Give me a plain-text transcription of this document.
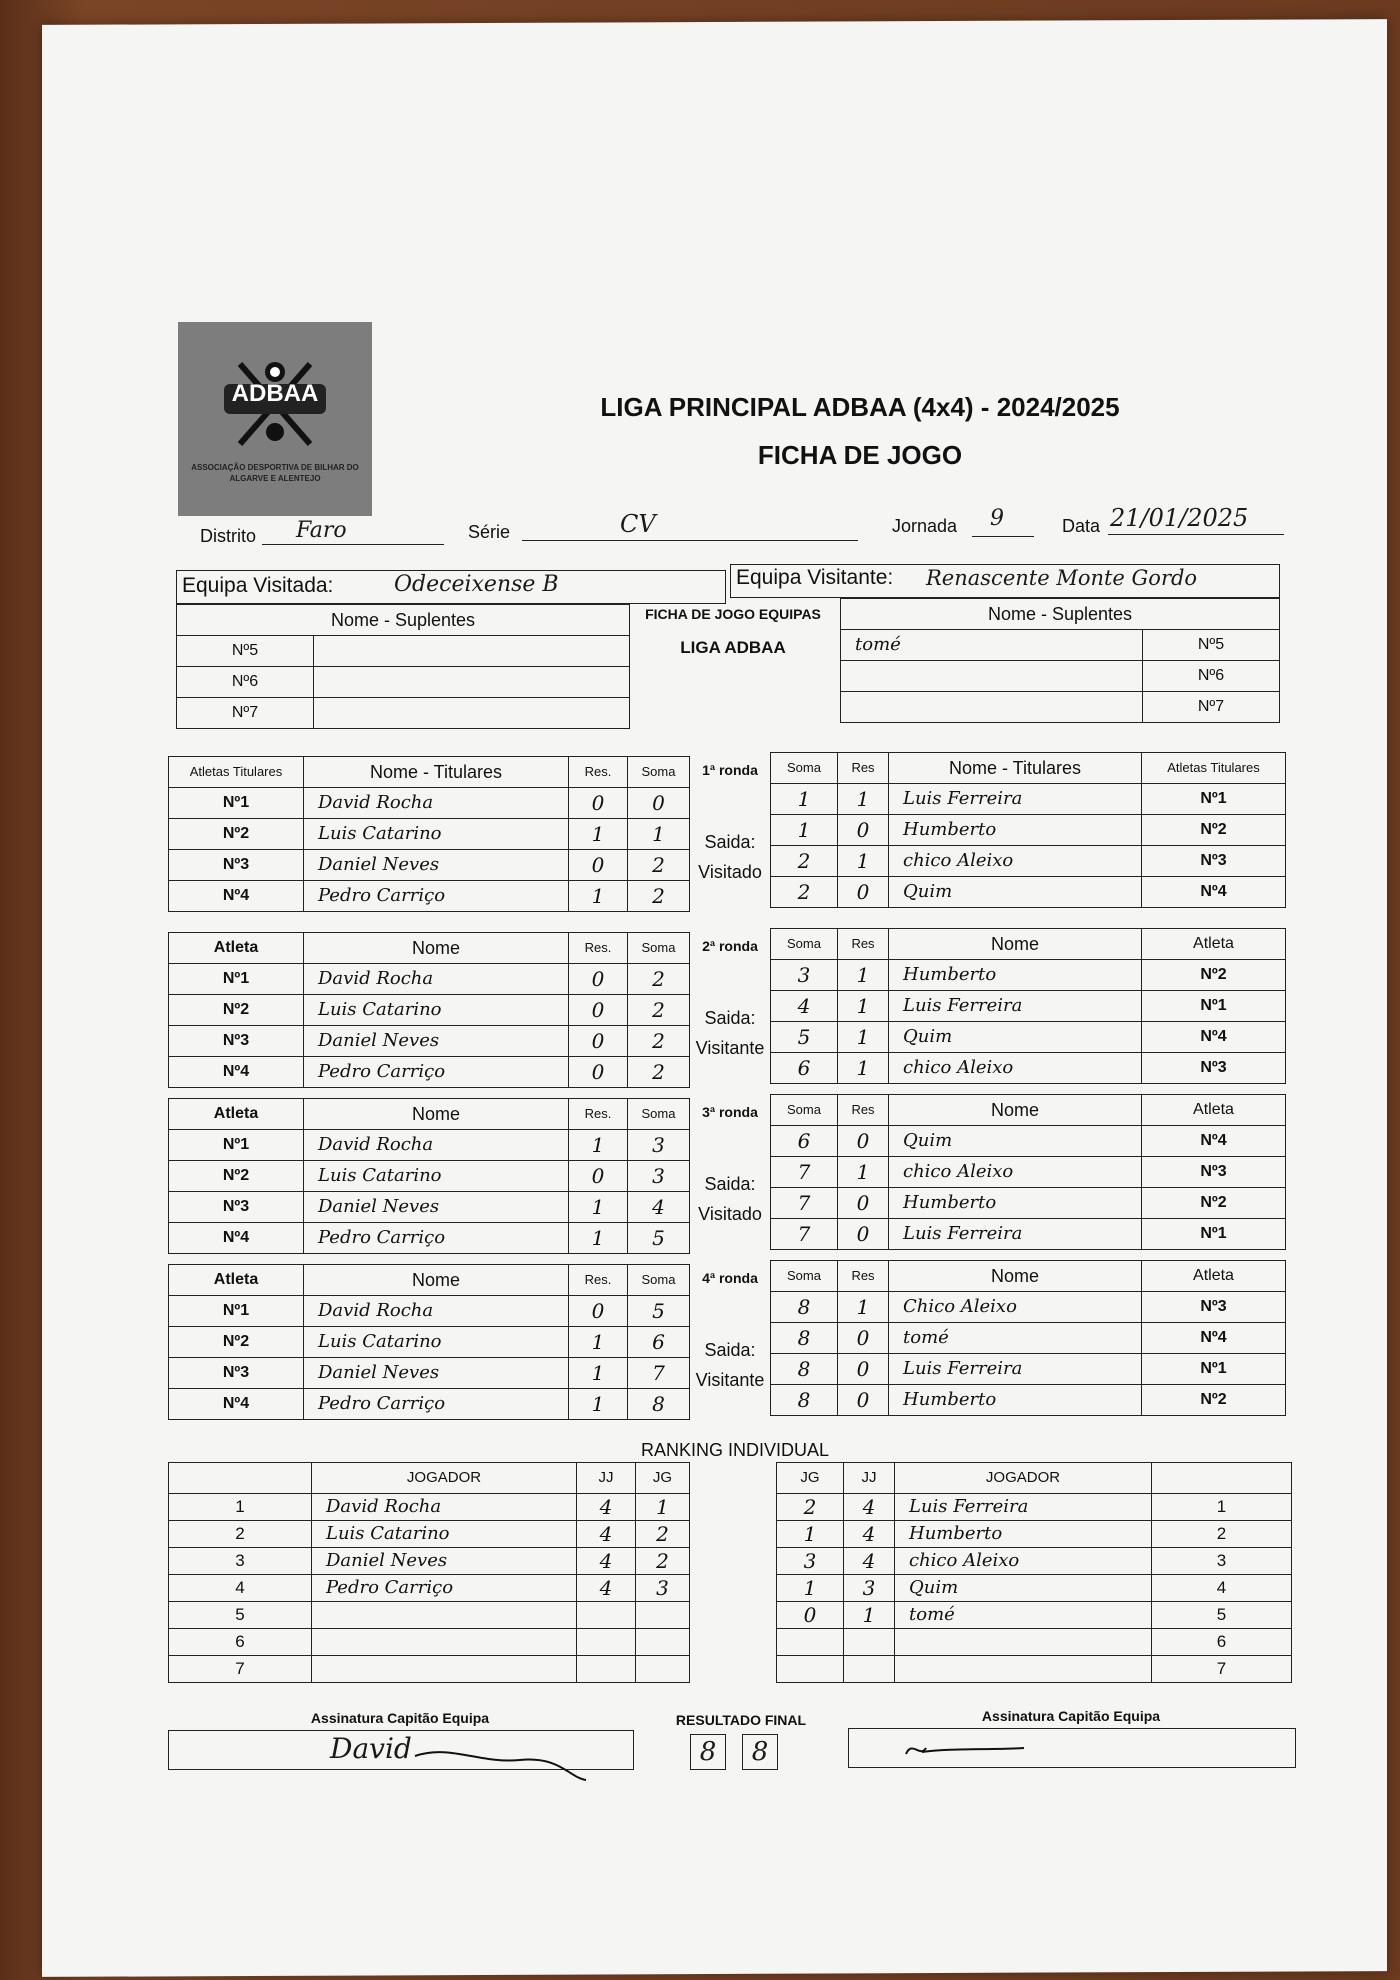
ADBAA
ASSOCIAÇÃO DESPORTIVA DE BILHAR DO ALGARVE E ALENTEJO
LIGA PRINCIPAL ADBAA (4x4) - 2024/2025
FICHA DE JOGO
Distrito Faro	Série	CV	Jornada 9	Data 21/01/2025
Equipa Visitada:	Odeceixense B	Equipa Visitante: Renascente Monte Gordo
FICHA DE JOGO EQUIPAS
LIGA ADBAA
Nome - Suplentes	
Nº5	
Nº6	
Nº7	
Nome - Suplentes	
tomé	Nº5
	Nº6
	Nº7
Atletas Titulares	Nome - Titulares	Res.	Soma
Nº1	David Rocha	0	0
Nº2	Luis Catarino	1	1
Nº3	Daniel Neves	0	2
Nº4	Pedro Carriço	1	2
Soma	Res	Nome - Titulares	Atletas Titulares
1	1	Luis Ferreira	Nº1
1	0	Humberto	Nº2
2	1	chico Aleixo	Nº3
2	0	Quim	Nº4
1ª ronda
Saida:
Visitado
Atleta	Nome	Res.	Soma
Nº1	David Rocha	0	2
Nº2	Luis Catarino	0	2
Nº3	Daniel Neves	0	2
Nº4	Pedro Carriço	0	2
Soma	Res	Nome	Atleta
3	1	Humberto	Nº2
4	1	Luis Ferreira	Nº1
5	1	Quim	Nº4
6	1	chico Aleixo	Nº3
2ª ronda
Saida:
Visitante
Atleta	Nome	Res.	Soma
Nº1	David Rocha	1	3
Nº2	Luis Catarino	0	3
Nº3	Daniel Neves	1	4
Nº4	Pedro Carriço	1	5
Soma	Res	Nome	Atleta
6	0	Quim	Nº4
7	1	chico Aleixo	Nº3
7	0	Humberto	Nº2
7	0	Luis Ferreira	Nº1
3ª ronda
Saida:
Visitado
Atleta	Nome	Res.	Soma
Nº1	David Rocha	0	5
Nº2	Luis Catarino	1	6
Nº3	Daniel Neves	1	7
Nº4	Pedro Carriço	1	8
Soma	Res	Nome	Atleta
8	1	Chico Aleixo	Nº3
8	0	tomé	Nº4
8	0	Luis Ferreira	Nº1
8	0	Humberto	Nº2
4ª ronda
Saida:
Visitante
RANKING INDIVIDUAL
	JOGADOR	JJ	JG
1	David Rocha	4	1
2	Luis Catarino	4	2
3	Daniel Neves	4	2
4	Pedro Carriço	4	3
5			
6			
7			
JG	JJ	JOGADOR	
2	4	Luis Ferreira	1
1	4	Humberto	2
3	4	chico Aleixo	3
1	3	Quim	4
0	1	tomé	5
			6
			7
Assinatura Capitão Equipa
David
RESULTADO FINAL
8	8
Assinatura Capitão Equipa
